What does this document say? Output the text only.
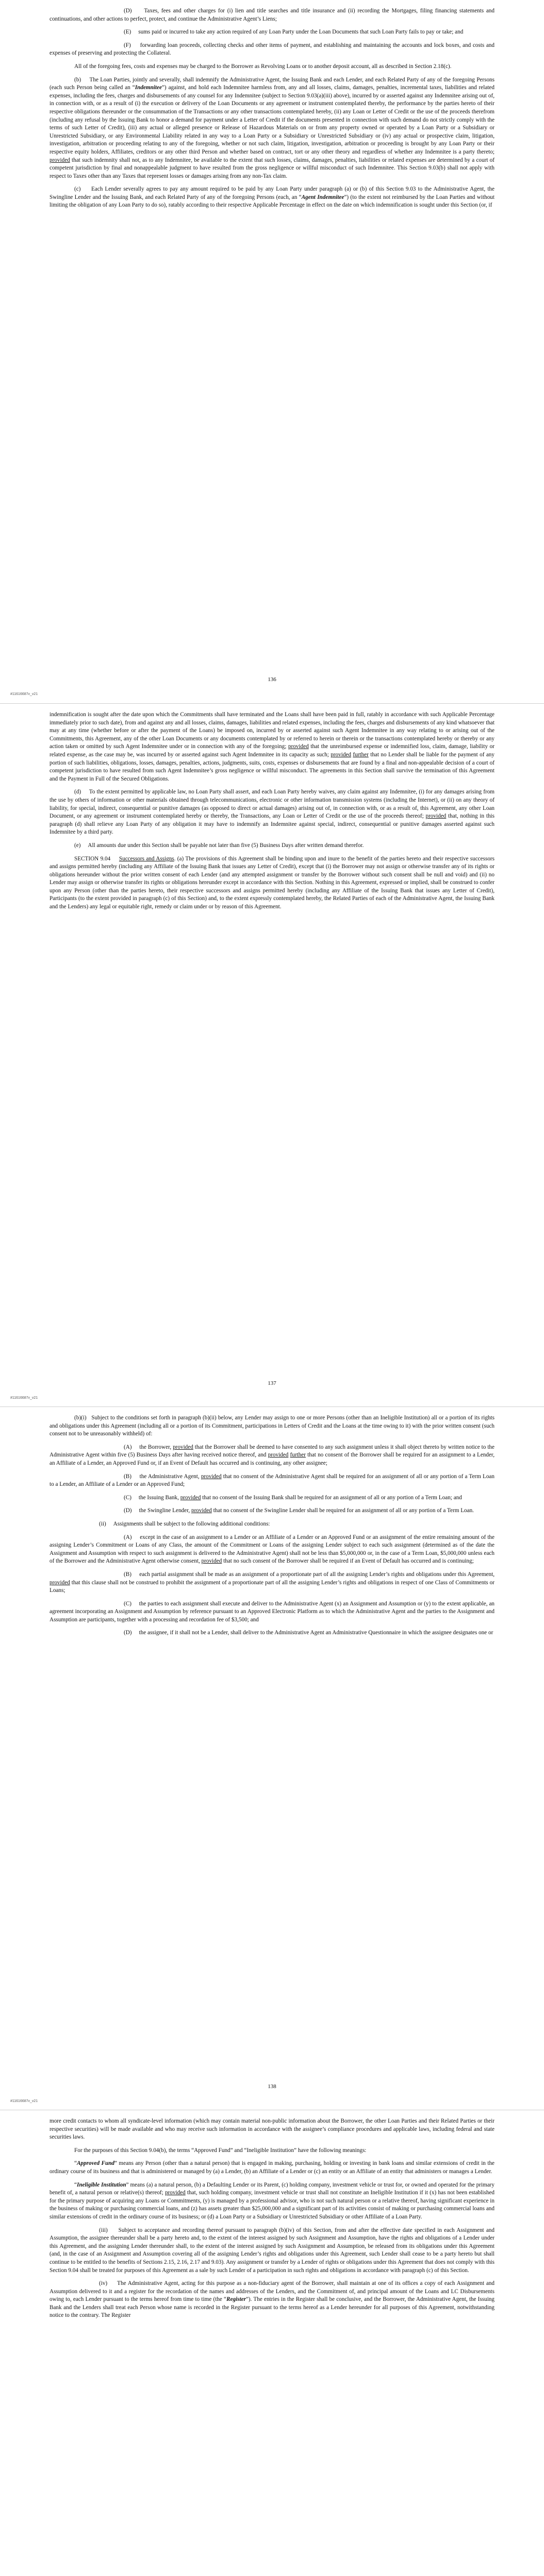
(D)     Taxes, fees and other charges for (i) lien and title searches and title insurance and (ii) recording the Mortgages, filing financing statements and continuations, and other actions to perfect, protect, and continue the Administrative Agent’s Liens;

(E)     sums paid or incurred to take any action required of any Loan Party under the Loan Documents that such Loan Party fails to pay or take; and

(F)     forwarding loan proceeds, collecting checks and other items of payment, and establishing and maintaining the accounts and lock boxes, and costs and expenses of preserving and protecting the Collateral.

All of the foregoing fees, costs and expenses may be charged to the Borrower as Revolving Loans or to another deposit account, all as described in Section 2.18(c).

(b)     The Loan Parties, jointly and severally, shall indemnify the Administrative Agent, the Issuing Bank and each Lender, and each Related Party of any of the foregoing Persons (each such Person being called an “Indemnitee”) against, and hold each Indemnitee harmless from, any and all losses, claims, damages, penalties, incremental taxes, liabilities and related expenses, including the fees, charges and disbursements of any counsel for any Indemnitee (subject to Section 9.03(a)(iii) above), incurred by or asserted against any Indemnitee arising out of, in connection with, or as a result of (i) the execution or delivery of the Loan Documents or any agreement or instrument contemplated thereby, the performance by the parties hereto of their respective obligations thereunder or the consummation of the Transactions or any other transactions contemplated hereby, (ii) any Loan or Letter of Credit or the use of the proceeds therefrom (including any refusal by the Issuing Bank to honor a demand for payment under a Letter of Credit if the documents presented in connection with such demand do not strictly comply with the terms of such Letter of Credit), (iii) any actual or alleged presence or Release of Hazardous Materials on or from any property owned or operated by a Loan Party or a Subsidiary or Unrestricted Subsidiary, or any Environmental Liability related in any way to a Loan Party or a Subsidiary or Unrestricted Subsidiary or (iv) any actual or prospective claim, litigation, investigation, arbitration or proceeding relating to any of the foregoing, whether or not such claim, litigation, investigation, arbitration or proceeding is brought by any Loan Party or their respective equity holders, Affiliates, creditors or any other third Person and whether based on contract, tort or any other theory and regardless of whether any Indemnitee is a party thereto; provided that such indemnity shall not, as to any Indemnitee, be available to the extent that such losses, claims, damages, penalties, liabilities or related expenses are determined by a court of competent jurisdiction by final and nonappealable judgment to have resulted from the gross negligence or willful misconduct of such Indemnitee. This Section 9.03(b) shall not apply with respect to Taxes other than any Taxes that represent losses or damages arising from any non-Tax claim.

(c)     Each Lender severally agrees to pay any amount required to be paid by any Loan Party under paragraph (a) or (b) of this Section 9.03 to the Administrative Agent, the Swingline Lender and the Issuing Bank, and each Related Party of any of the foregoing Persons (each, an “Agent Indemnitee”) (to the extent not reimbursed by the Loan Parties and without limiting the obligation of any Loan Party to do so), ratably according to their respective Applicable Percentage in effect on the date on which indemnification is sought under this Section (or, if

136
#11616687v_v21

indemnification is sought after the date upon which the Commitments shall have terminated and the Loans shall have been paid in full, ratably in accordance with such Applicable Percentage immediately prior to such date), from and against any and all losses, claims, damages, liabilities and related expenses, including the fees, charges and disbursements of any kind whatsoever that may at any time (whether before or after the payment of the Loans) be imposed on, incurred by or asserted against such Agent Indemnitee in any way relating to or arising out of the Commitments, this Agreement, any of the other Loan Documents or any documents contemplated by or referred to herein or therein or the transactions contemplated hereby or thereby or any action taken or omitted by such Agent Indemnitee under or in connection with any of the foregoing; provided that the unreimbursed expense or indemnified loss, claim, damage, liability or related expense, as the case may be, was incurred by or asserted against such Agent Indemnitee in its capacity as such; provided further that no Lender shall be liable for the payment of any portion of such liabilities, obligations, losses, damages, penalties, actions, judgments, suits, costs, expenses or disbursements that are found by a final and non-appealable decision of a court of competent jurisdiction to have resulted from such Agent Indemnitee’s gross negligence or willful misconduct. The agreements in this Section shall survive the termination of this Agreement and the Payment in Full of the Secured Obligations.

(d)     To the extent permitted by applicable law, no Loan Party shall assert, and each Loan Party hereby waives, any claim against any Indemnitee, (i) for any damages arising from the use by others of information or other materials obtained through telecommunications, electronic or other information transmission systems (including the Internet), or (ii) on any theory of liability, for special, indirect, consequential or punitive damages (as opposed to direct or actual damages) arising out of, in connection with, or as a result of, this Agreement, any other Loan Document, or any agreement or instrument contemplated hereby or thereby, the Transactions, any Loan or Letter of Credit or the use of the proceeds thereof; provided that, nothing in this paragraph (d) shall relieve any Loan Party of any obligation it may have to indemnify an Indemnitee against special, indirect, consequential or punitive damages asserted against such Indemnitee by a third party.

(e)     All amounts due under this Section shall be payable not later than five (5) Business Days after written demand therefor.

SECTION 9.04     Successors and Assigns. (a) The provisions of this Agreement shall be binding upon and inure to the benefit of the parties hereto and their respective successors and assigns permitted hereby (including any Affiliate of the Issuing Bank that issues any Letter of Credit), except that (i) the Borrower may not assign or otherwise transfer any of its rights or obligations hereunder without the prior written consent of each Lender (and any attempted assignment or transfer by the Borrower without such consent shall be null and void) and (ii) no Lender may assign or otherwise transfer its rights or obligations hereunder except in accordance with this Section. Nothing in this Agreement, expressed or implied, shall be construed to confer upon any Person (other than the parties hereto, their respective successors and assigns permitted hereby (including any Affiliate of the Issuing Bank that issues any Letter of Credit), Participants (to the extent provided in paragraph (c) of this Section) and, to the extent expressly contemplated hereby, the Related Parties of each of the Administrative Agent, the Issuing Bank and the Lenders) any legal or equitable right, remedy or claim under or by reason of this Agreement.

137
#11616687v_v21

(b)(i)   Subject to the conditions set forth in paragraph (b)(ii) below, any Lender may assign to one or more Persons (other than an Ineligible Institution) all or a portion of its rights and obligations under this Agreement (including all or a portion of its Commitment, participations in Letters of Credit and the Loans at the time owing to it) with the prior written consent (such consent not to be unreasonably withheld) of:

(A)     the Borrower, provided that the Borrower shall be deemed to have consented to any such assignment unless it shall object thereto by written notice to the Administrative Agent within five (5) Business Days after having received notice thereof, and provided further that no consent of the Borrower shall be required for an assignment to a Lender, an Affiliate of a Lender, an Approved Fund or, if an Event of Default has occurred and is continuing, any other assignee;

(B)     the Administrative Agent, provided that no consent of the Administrative Agent shall be required for an assignment of all or any portion of a Term Loan to a Lender, an Affiliate of a Lender or an Approved Fund;

(C)     the Issuing Bank, provided that no consent of the Issuing Bank shall be required for an assignment of all or any portion of a Term Loan; and

(D)     the Swingline Lender, provided that no consent of the Swingline Lender shall be required for an assignment of all or any portion of a Term Loan.

(ii)     Assignments shall be subject to the following additional conditions:

(A)     except in the case of an assignment to a Lender or an Affiliate of a Lender or an Approved Fund or an assignment of the entire remaining amount of the assigning Lender’s Commitment or Loans of any Class, the amount of the Commitment or Loans of the assigning Lender subject to each such assignment (determined as of the date the Assignment and Assumption with respect to such assignment is delivered to the Administrative Agent) shall not be less than $5,000,000 or, in the case of a Term Loan, $5,000,000 unless each of the Borrower and the Administrative Agent otherwise consent, provided that no such consent of the Borrower shall be required if an Event of Default has occurred and is continuing;

(B)     each partial assignment shall be made as an assignment of a proportionate part of all the assigning Lender’s rights and obligations under this Agreement, provided that this clause shall not be construed to prohibit the assignment of a proportionate part of all the assigning Lender’s rights and obligations in respect of one Class of Commitments or Loans;

(C)     the parties to each assignment shall execute and deliver to the Administrative Agent (x) an Assignment and Assumption or (y) to the extent applicable, an agreement incorporating an Assignment and Assumption by reference pursuant to an Approved Electronic Platform as to which the Administrative Agent and the parties to the Assignment and Assumption are participants, together with a processing and recordation fee of $3,500; and

(D)     the assignee, if it shall not be a Lender, shall deliver to the Administrative Agent an Administrative Questionnaire in which the assignee designates one or

138
#11616687v_v21

more credit contacts to whom all syndicate-level information (which may contain material non-public information about the Borrower, the other Loan Parties and their Related Parties or their respective securities) will be made available and who may receive such information in accordance with the assignee’s compliance procedures and applicable laws, including federal and state securities laws.

For the purposes of this Section 9.04(b), the terms “Approved Fund” and “Ineligible Institution” have the following meanings:

“Approved Fund” means any Person (other than a natural person) that is engaged in making, purchasing, holding or investing in bank loans and similar extensions of credit in the ordinary course of its business and that is administered or managed by (a) a Lender, (b) an Affiliate of a Lender or (c) an entity or an Affiliate of an entity that administers or manages a Lender.

“Ineligible Institution” means (a) a natural person, (b) a Defaulting Lender or its Parent, (c) holding company, investment vehicle or trust for, or owned and operated for the primary benefit of, a natural person or relative(s) thereof; provided that, such holding company, investment vehicle or trust shall not constitute an Ineligible Institution if it (x) has not been established for the primary purpose of acquiring any Loans or Commitments, (y) is managed by a professional advisor, who is not such natural person or a relative thereof, having significant experience in the business of making or purchasing commercial loans, and (z) has assets greater than $25,000,000 and a significant part of its activities consist of making or purchasing commercial loans and similar extensions of credit in the ordinary course of its business; or (d) a Loan Party or a Subsidiary or Unrestricted Subsidiary or other Affiliate of a Loan Party.

(iii)     Subject to acceptance and recording thereof pursuant to paragraph (b)(iv) of this Section, from and after the effective date specified in each Assignment and Assumption, the assignee thereunder shall be a party hereto and, to the extent of the interest assigned by such Assignment and Assumption, have the rights and obligations of a Lender under this Agreement, and the assigning Lender thereunder shall, to the extent of the interest assigned by such Assignment and Assumption, be released from its obligations under this Agreement (and, in the case of an Assignment and Assumption covering all of the assigning Lender’s rights and obligations under this Agreement, such Lender shall cease to be a party hereto but shall continue to be entitled to the benefits of Sections 2.15, 2.16, 2.17 and 9.03). Any assignment or transfer by a Lender of rights or obligations under this Agreement that does not comply with this Section 9.04 shall be treated for purposes of this Agreement as a sale by such Lender of a participation in such rights and obligations in accordance with paragraph (c) of this Section.

(iv)     The Administrative Agent, acting for this purpose as a non-fiduciary agent of the Borrower, shall maintain at one of its offices a copy of each Assignment and Assumption delivered to it and a register for the recordation of the names and addresses of the Lenders, and the Commitment of, and principal amount of the Loans and LC Disbursements owing to, each Lender pursuant to the terms hereof from time to time (the “Register”). The entries in the Register shall be conclusive, and the Borrower, the Administrative Agent, the Issuing Bank and the Lenders shall treat each Person whose name is recorded in the Register pursuant to the terms hereof as a Lender hereunder for all purposes of this Agreement, notwithstanding notice to the contrary. The Register
